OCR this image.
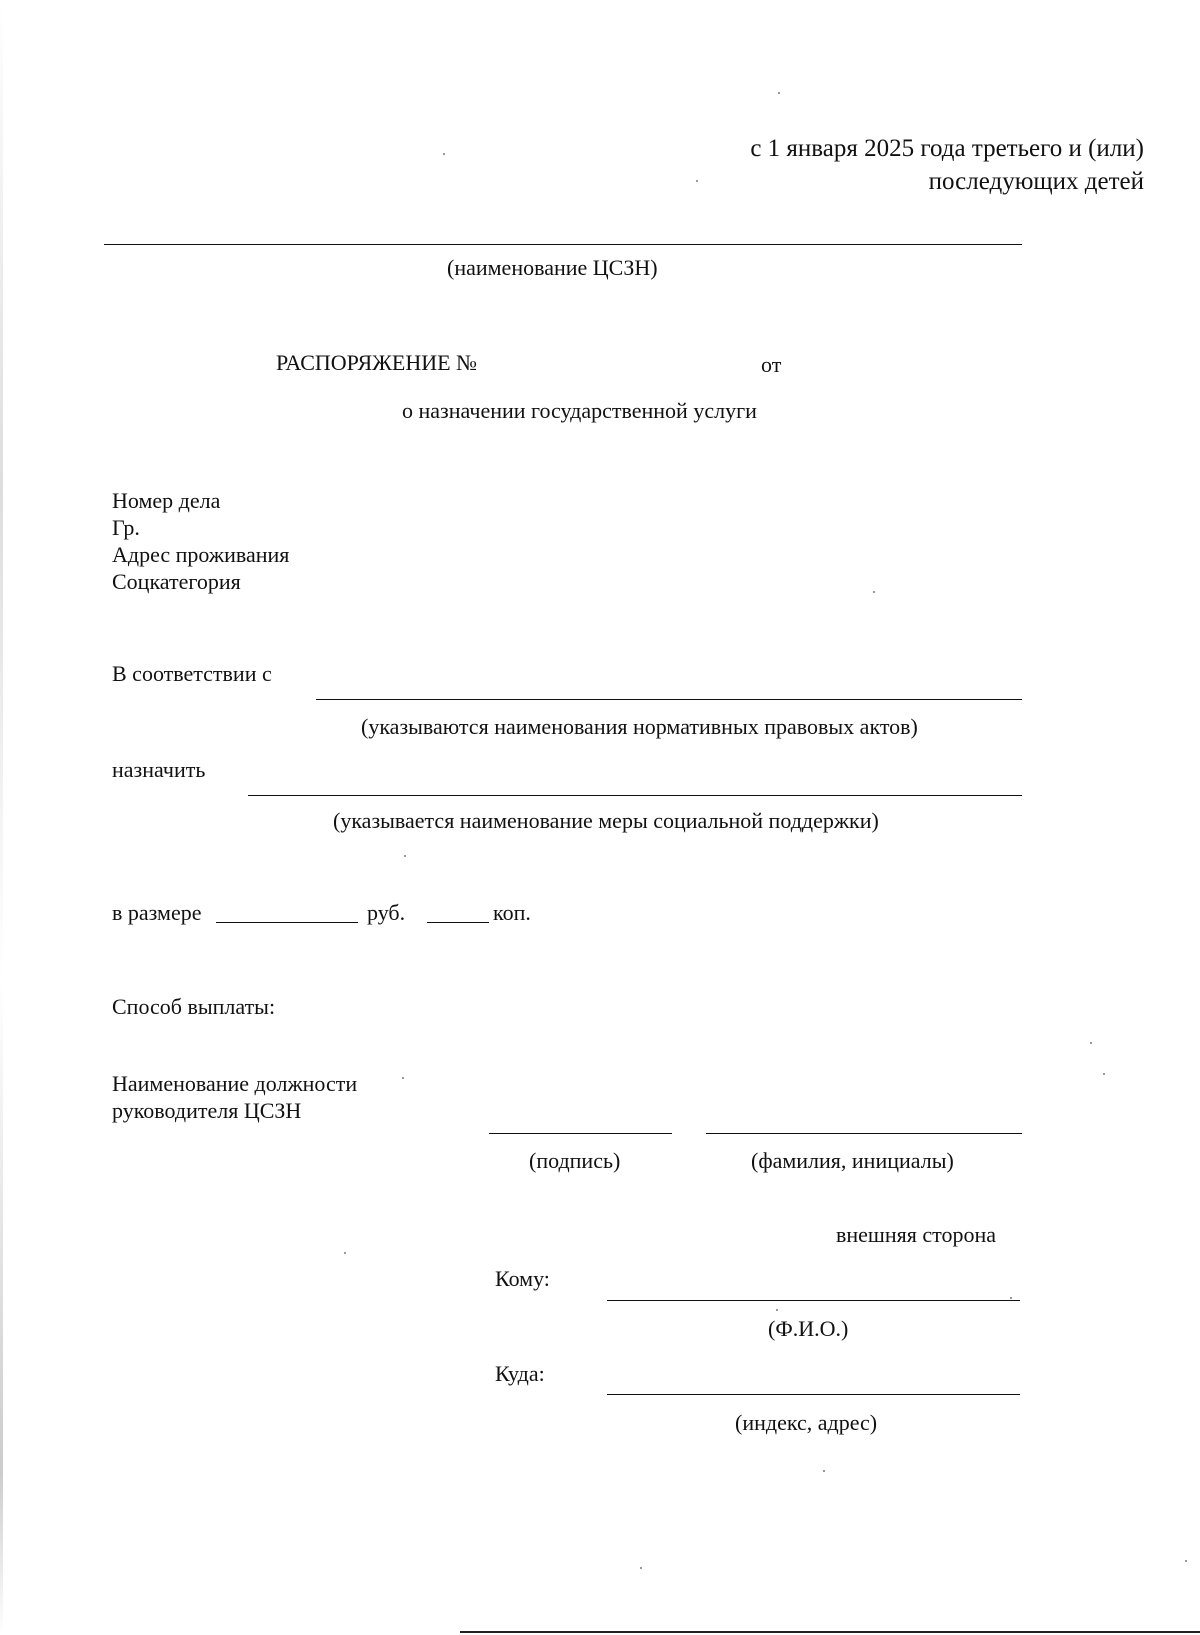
с 1 января 2025 года третьего и (или)
последующих детей
(наименование ЦСЗН)
РАСПОРЯЖЕНИЕ №	от
о назначении государственной услуги
Номер дела
Гр.
Адрес проживания
Соцкатегория
В соответствии с
(указываются наименования нормативных правовых актов)
назначить
(указывается наименование меры социальной поддержки)
в размере	руб.	коп.
Способ выплаты:
Наименование должности
руководителя ЦСЗН
(подпись)	(фамилия, инициалы)
внешняя сторона
Кому:
(Ф.И.О.)
Куда:
(индекс, адрес)
